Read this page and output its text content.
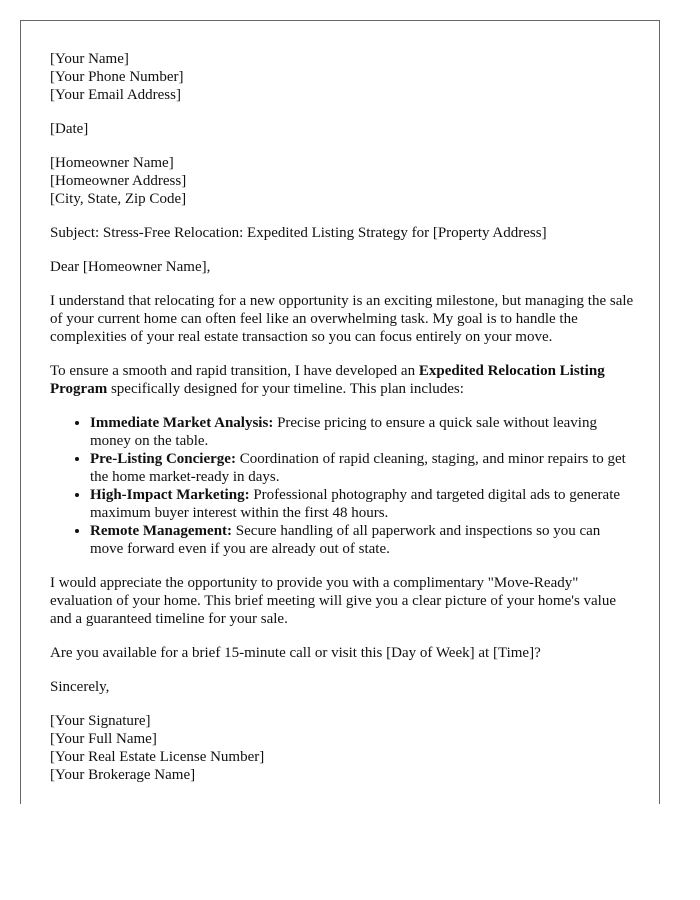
[Your Name]
[Your Phone Number]
[Your Email Address]

[Date]

[Homeowner Name]
[Homeowner Address]
[City, State, Zip Code]

Subject: Stress-Free Relocation: Expedited Listing Strategy for [Property Address]

Dear [Homeowner Name],

I understand that relocating for a new opportunity is an exciting milestone, but managing the sale of your current home can often feel like an overwhelming task. My goal is to handle the complexities of your real estate transaction so you can focus entirely on your move.

To ensure a smooth and rapid transition, I have developed an Expedited Relocation Listing Program specifically designed for your timeline. This plan includes:

• Immediate Market Analysis: Precise pricing to ensure a quick sale without leaving money on the table.
• Pre-Listing Concierge: Coordination of rapid cleaning, staging, and minor repairs to get the home market-ready in days.
• High-Impact Marketing: Professional photography and targeted digital ads to generate maximum buyer interest within the first 48 hours.
• Remote Management: Secure handling of all paperwork and inspections so you can move forward even if you are already out of state.

I would appreciate the opportunity to provide you with a complimentary "Move-Ready" evaluation of your home. This brief meeting will give you a clear picture of your home's value and a guaranteed timeline for your sale.

Are you available for a brief 15-minute call or visit this [Day of Week] at [Time]?

Sincerely,

[Your Signature]
[Your Full Name]
[Your Real Estate License Number]
[Your Brokerage Name]
